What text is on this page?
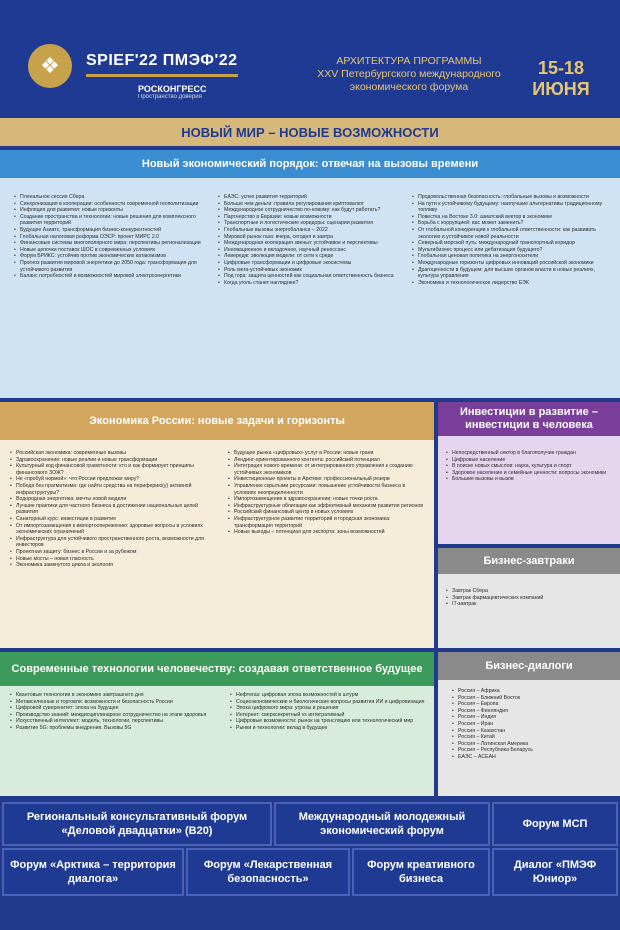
❖	SPIEF'22 ПМЭФ'22
РОСКОНГРЕСС
Пространство доверия
АРХИТЕКТУРА ПРОГРАММЫ
XXV Петербургского международного
экономического форума
15-18
ИЮНЯ
НОВЫЙ МИР – НОВЫЕ ВОЗМОЖНОСТИ
Новый экономический порядок: отвечая на вызовы времени
• Пленальное сессия Сбера
• Синхронизация в кооперации: особенности современной геополитизации
• Инфляция для развития: новые горизонты
• Создание пространства и технологии: новые решения для комплексного развития территорий
• Будущее Азиатс, трансформация бизнес-конкурентностей
• Глобальная налоговая реформа ОЭСР: проект МИРС 2.0
• Финансовые системы многополярного мира: перспективы регионализации
• Новые цепочки поставок ШОС в современных условиях
• Форум БРИКС: устойчив против экономических катаклизмов
• Прогноз развития мировой энергетики до 2050 года: трансформация для устойчивого развития
• Баланс потребностей и возможностей мировой электроэнергетики
• ЕАЭС: успех развития территорий
• Больше чем деньги: правила регулирования криптовалют
• Международное сотрудничество по-новому: как будут работать?
• Партнерство в Евразии: новые возможности
• Транспортные и логистические коридоры: сценарии развития
• Глобальные вызовы энергобаланса – 2022
• Мировой рынок газа: вчера, сегодня и завтра
• Международная кооперация звенья: устойчивое и перспективы
• Инновационное и вкладочное, научный ренессанс
• Левередж: эволюция модели: от сети к среде
• Цифровые трансформации и цифровые экосистемы
• Роль мега-устойчивых экономик
• Под гора: защита ценностей как социальная ответственность бизнеса
• Когда уголь станет нагляднее?
• Продовольственная безопасность: глобальные вызовы и возможности
• На пути к устойчивому будущему: наилучшие альтернативы традиционному топливу
• Повестка на Востоке 3.0: азиатский вектор в экономике
• Борьба с коррупцией: вас может заменить?
• От глобальной конкуренции к глобальной ответственности: как развивать экологию и устойчивое новой реальности
• Северный морской путь: международный транспортный коридор
• Мультибизнес процесс или дебатизация будущего?
• Глобальная ценовая политика на энергоносители
• Международные горизонты цифровых инноваций российской экономики
• Драгоценности в будущем: для высших органов власти в новых реалиях, культура управления
• Экономика и технологическое лидерство ЕЭК
Экономика России: новые задачи и горизонты
• Российская экономика: современные вызовы
• Здравоохранение: новые реалии и новые трансформации
• Культурный код финансовой грамотности: кто и как формирует принципы финансового ЗОЖ?
• Не «пробуй нормой»: что России предложат миру?
• Победа без прагматизма: где найти средства на периферию(у) активной инфраструктуры?
• Водородная энергетика: мечты новой модели
• Лучшие практики для частного бизнеса в достижении национальных целей развития
• Санаторный курс: инвестиции в развитие
• От импортозамещения к импортоопережению: здоровые вопросы в условиях экономических ограничений
• Инфраструктура для устойчивого пространственного роста, возможности для инвесторов
• Проектная защиту: бизнес в России и за рубежом
• Новые мосты – новая гласность
• Экономика замкнутого цикла и экология
• Будущее рынка «цифровых» услуг в России: новые грани
• Лендинг-ориентированного контента: российский потенциал
• Интеграция нового времени: от интегрированного управления к созданию устойчивых экономиков
• Инвестиционные проекты в Арктике: профессиональный резерв
• Управление скрытыми ресурсами: повышение устойчивости бизнеса в условиях неопределенности
• Импортозамещение в здравоохранении: новые точки роста
• Инфраструктурные облигации как эффективный механизм развития регионов
• Российский финансовый центр в новых условиях
• Инфраструктурное развитие территорий и городская экономика: трансформация территорий
• Новые выходы – потенциал для экспорта: зоны возможностей
Инвестиции в развитие – инвестиции в человека
• Непосредственный сектор в благополучие граждан
• Цифровые население
• В поиске новых смыслов: наука, культура и спорт
• Здоровое население и семейные ценности: вопросы экономики
• Большие вызовы и вызов
Бизнес-завтраки
• Завтрак Сбера
• Завтрак фармацевтических компаний
• IT-завтрак
Современные технологии человечеству: создавая ответственное будущее
• Квантовые технологии в экономике завтрашнего дня
• Метавселенные и торговля: возможности и безопасность России
• Цифровой суверенитет: эпоха на будущее
• Производство знаний: междисциплинарное сотрудничество на этапе здоровья
• Искусственный интеллект: модель, технологии, перспективы
• Развитие 5G: проблемы внедрения. Вызовы 5G
• Нефтегаз: цифровая эпоха возможностей в штурм
• Социоэкономические и биологические вопросы развития ИИ и цифровизация
• Эпоха цифрового мира: угрозы и решения
• Интернет: сверхсекретный vs интегративный
• Цифровые возможности: рынок на тренсляцию или технологический мир
• Рынки и технологии: вклад в будущее
Бизнес-диалоги
• Россия – Африка
• Россия – Ближний Восток
• Россия – Европа
• Россия – Финляндия
• Россия – Индия
• Россия – Иран
• Россия – Казахстан
• Россия – Китай
• Россия – Латинская Америка
• Россия – Республика Беларусь
• ЕАЭС – АСЕАН
Региональный консультативный форум «Деловой двадцатки» (B20)
Международный молодежный экономический форум
Форум МСП
Форум «Арктика – территория диалога»
Форум «Лекарственная безопасность»
Форум креативного бизнеса
Диалог «ПМЭФ Юниор»
